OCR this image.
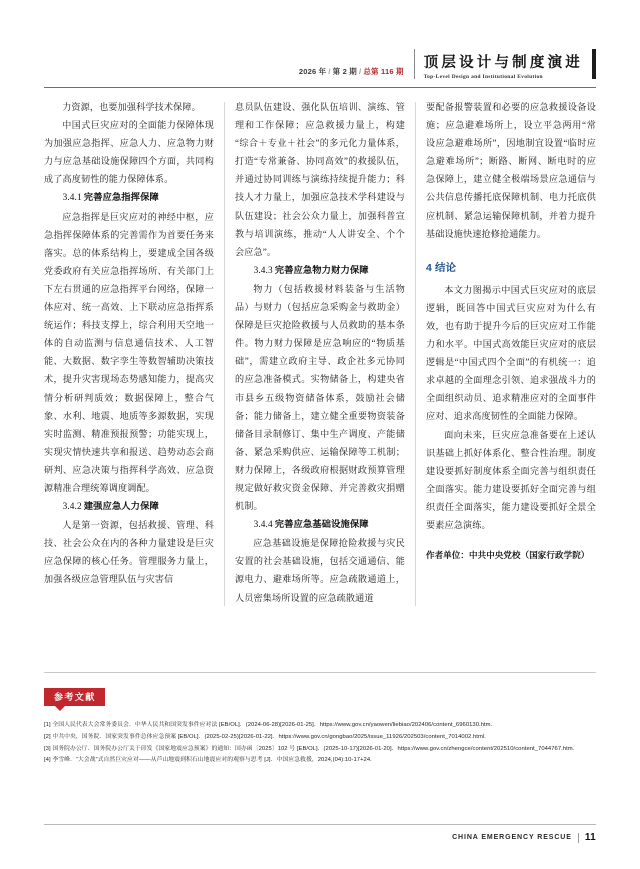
2026 年 / 第 2 期 / 总第 116 期
顶层设计与制度演进
Top-Level Design and Institutional Evolution

力资源，也要加强科学技术保障。

中国式巨灾应对的全面能力保障体现为加强应急指挥、应急人力、应急物力财力与应急基础设施保障四个方面，共同构成了高度韧性的能力保障体系。

3.4.1 完善应急指挥保障

应急指挥是巨灾应对的神经中枢，应急指挥保障体系的完善需作为首要任务来落实。总的体系结构上，要建成全国各级党委政府有关应急指挥场所、有关部门上下左右贯通的应急指挥平台网络，保障一体应对、统一高效、上下联动应急指挥系统运作；科技支撑上，综合利用天空地一体的自动监测与信息通信技术、人工智能、大数据、数字孪生等数智辅助决策技术，提升灾害现场态势感知能力，提高灾情分析研判质效；数据保障上，整合气象、水利、地震、地质等多源数据，实现实时监测、精准预报预警；功能实现上，实现灾情快速共享和报送、趋势动态会商研判、应急决策与指挥科学高效、应急资源精准合理统筹调度调配。

3.4.2 建强应急人力保障

人是第一资源，包括救援、管理、科技、社会公众在内的各种力量建设是巨灾应急保障的核心任务。管理服务力量上，加强各级应急管理队伍与灾害信

息员队伍建设、强化队伍培训、演练、管理和工作保障；应急救援力量上，构建“综合＋专业＋社会”的多元化力量体系，打造“专常兼备、协同高效”的救援队伍，并通过协同训练与演练持续提升能力；科技人才力量上，加强应急技术学科建设与队伍建设；社会公众力量上，加强科普宣教与培训演练，推动“人人讲安全、个个会应急”。

3.4.3 完善应急物力财力保障

物力（包括救援材料装备与生活物品）与财力（包括应急采购金与救助金）保障是巨灾抢险救援与人员救助的基本条件。物力财力保障是应急响应的“物质基础”，需建立政府主导、政企社多元协同的应急准备模式。实物储备上，构建央省市县乡五级物资储备体系，鼓励社会储备；能力储备上，建立健全重要物资装备储备目录制修订、集中生产调度、产能储备、紧急采购供应、运输保障等工机制；财力保障上，各级政府根据财政预算管理规定做好救灾资金保障、并完善救灾捐赠机制。

3.4.4 完善应急基础设施保障

应急基础设施是保障抢险救援与灾民安置的社会基础设施，包括交通通信、能源电力、避难场所等。应急疏散通道上，人员密集场所设置的应急疏散通道

要配备报警装置和必要的应急救援设备设施；应急避难场所上，设立平急两用“常设应急避难场所”，因地制宜设置“临时应急避难场所”；断路、断网、断电时的应急保障上，建立健全极端场景应急通信与公共信息传播托底保障机制、电力托底供应机制、紧急运输保障机制，并着力提升基础设施快速抢修抢通能力。

4 结论

本文力图揭示中国式巨灾应对的底层逻辑，既回答中国式巨灾应对为什么有效，也有助于提升今后的巨灾应对工作能力和水平。中国式高效能巨灾应对的底层逻辑是“中国式四个全面”的有机统一：追求卓越的全面理念引领、追求强战斗力的全面组织动员、追求精准应对的全面事件应对、追求高度韧性的全面能力保障。

面向未来，巨灾应急准备要在上述认识基础上抓好体系化、整合性治理。制度建设要抓好制度体系全面完善与组织责任全面落实。能力建设要抓好全面完善与组织责任全面落实，能力建设要抓好全景全要素应急演练。

作者单位：中共中央党校（国家行政学院）
参考文献
[1] 全国人民代表大会常务委员会．中华人民共和国突发事件应对法 [EB/OL]．(2024-06-28)[2026-01-25]．https://www.gov.cn/yaowen/liebiao/202406/content_6960130.htm.
[2] 中共中央，国务院．国家突发事件总体应急预案 [EB/OL]．(2025-02-25)[2026-01-22]．https://www.gov.cn/gongbao/2025/issue_11926/202503/content_7014002.html.
[3] 国务院办公厅．国务院办公厅关于印发《国家地震应急预案》的通知：国办函〔2025〕102 号 [EB/OL]．(2025-10-17)[2026-01-20]．https://www.gov.cn/zhengce/content/202510/content_7044767.htm.
[4] 李雪峰．“大会战”式自然巨灾应对——从芦山地震到积石山地震应对的观察与思考 [J]．中国应急救援，2024,(04):10-17+24.
CHINA EMERGENCY RESCUE 11
